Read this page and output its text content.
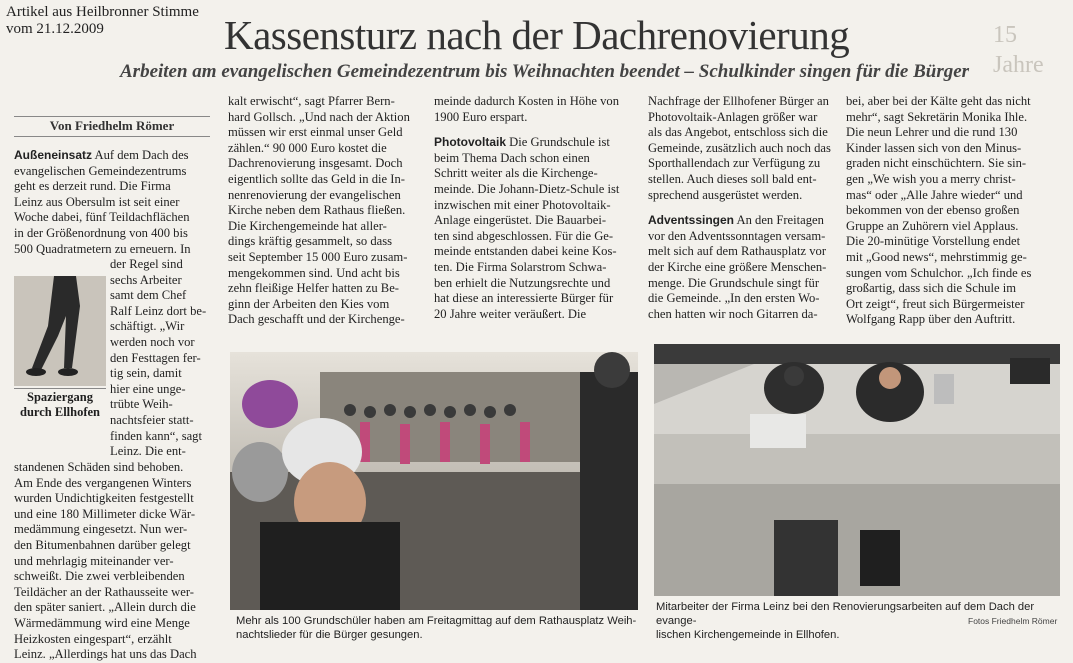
Artikel aus Heilbronner Stimme
vom 21.12.2009	Kassensturz nach der Dachrenovierung	15 Jahre
Arbeiten am evangelischen Gemeindezentrum bis Weihnachten beendet – Schulkinder singen für die Bürger
Von Friedhelm Römer

Außeneinsatz Auf dem Dach des

evangelischen Gemeindezentrums

geht es derzeit rund. Die Firma

Leinz aus Obersulm ist seit einer

Woche dabei, fünf Teildachflächen

in der Größenordnung von 400 bis

500 Quadratmetern zu erneuern. In

der Regel sind

sechs Arbeiter

samt dem Chef

Ralf Leinz dort be-

schäftigt. „Wir

werden noch vor

den Festtagen fer-

tig sein, damit

hier eine unge-

trübte Weih-

nachtsfeier statt-

finden kann“, sagt

Leinz. Die ent-

standenen Schäden sind behoben.

Am Ende des vergangenen Winters

wurden Undichtigkeiten festgestellt

und eine 180 Millimeter dicke Wär-

medämmung eingesetzt. Nun wer-

den Bitumenbahnen darüber gelegt

und mehrlagig miteinander ver-

schweißt. Die zwei verbleibenden

Teildächer an der Rathausseite wer-

den später saniert. „Allein durch die

Wärmedämmung wird eine Menge

Heizkosten eingespart“, erzählt

Leinz. „Allerdings hat uns das Dach

Spaziergang durch Ellhofen

kalt erwischt“, sagt Pfarrer Bern-

hard Gollsch. „Und nach der Aktion

müssen wir erst einmal unser Geld

zählen.“ 90 000 Euro kostet die

Dachrenovierung insgesamt. Doch

eigentlich sollte das Geld in die In-

nenrenovierung der evangelischen

Kirche neben dem Rathaus fließen.

Die Kirchengemeinde hat aller-

dings kräftig gesammelt, so dass

seit September 15 000 Euro zusam-

mengekommen sind. Und acht bis

zehn fleißige Helfer hatten zu Be-

ginn der Arbeiten den Kies vom

Dach geschafft und der Kirchenge-

meinde dadurch Kosten in Höhe von

1900 Euro erspart.

Photovoltaik Die Grundschule ist

beim Thema Dach schon einen

Schritt weiter als die Kirchenge-

meinde. Die Johann-Dietz-Schule ist

inzwischen mit einer Photovoltaik-

Anlage eingerüstet. Die Bauarbei-

ten sind abgeschlossen. Für die Ge-

meinde entstanden dabei keine Kos-

ten. Die Firma Solarstrom Schwa-

ben erhielt die Nutzungsrechte und

hat diese an interessierte Bürger für

20 Jahre weiter veräußert. Die

Nachfrage der Ellhofener Bürger an

Photovoltaik-Anlagen größer war

als das Angebot, entschloss sich die

Gemeinde, zusätzlich auch noch das

Sporthallendach zur Verfügung zu

stellen. Auch dieses soll bald ent-

sprechend ausgerüstet werden.

Adventssingen An den Freitagen

vor den Adventssonntagen versam-

melt sich auf dem Rathausplatz vor

der Kirche eine größere Menschen-

menge. Die Grundschule singt für

die Gemeinde. „In den ersten Wo-

chen hatten wir noch Gitarren da-

bei, aber bei der Kälte geht das nicht

mehr“, sagt Sekretärin Monika Ihle.

Die neun Lehrer und die rund 130

Kinder lassen sich von den Minus-

graden nicht einschüchtern. Sie sin-

gen „We wish you a merry christ-

mas“ oder „Alle Jahre wieder“ und

bekommen von der ebenso großen

Gruppe an Zuhörern viel Applaus.

Die 20-minütige Vorstellung endet

mit „Good news“, mehrstimmig ge-

sungen vom Schulchor. „Ich finde es

großartig, dass sich die Schule im

Ort zeigt“, freut sich Bürgermeister

Wolfgang Rapp über den Auftritt.

Mehr als 100 Grundschüler haben am Freitagmittag auf dem Rathausplatz Weih-
nachtslieder für die Bürger gesungen.
Mitarbeiter der Firma Leinz bei den Renovierungsarbeiten auf dem Dach der evange-
lischen Kirchengemeinde in Ellhofen.
Fotos Friedhelm Römer
